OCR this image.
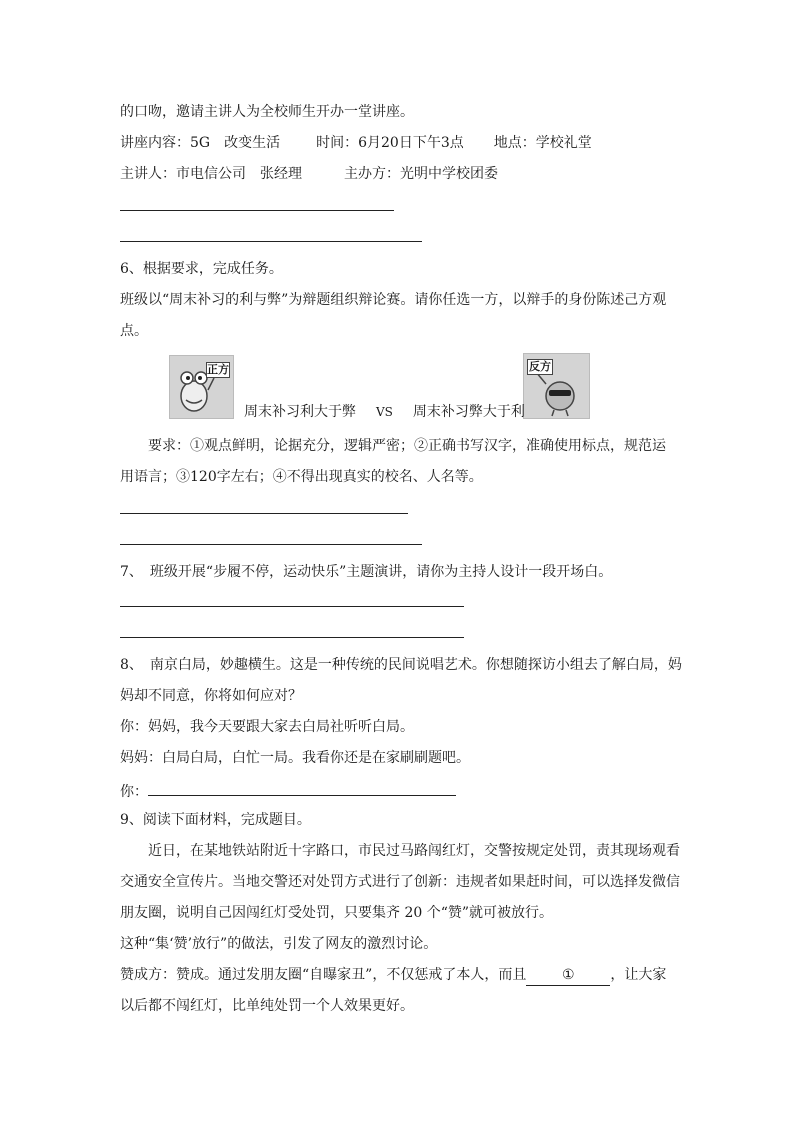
的口吻，邀请主讲人为全校师生开办一堂讲座。
讲座内容：5G　改变生活	时间：6月20日下午3点 地点：学校礼堂
主讲人：市电信公司　张经理	主办方：光明中学校团委
6、根据要求，完成任务。
班级以“周末补习的利与弊”为辩题组织辩论赛。请你任选一方，以辩手的身份陈述己方观
点。
正方	反方
周末补习利大于弊 VS 周末补习弊大于利
要求：①观点鲜明，论据充分，逻辑严密；②正确书写汉字，准确使用标点，规范运
用语言；③120字左右；④不得出现真实的校名、人名等。
7、　班级开展“步履不停，运动快乐”主题演讲，请你为主持人设计一段开场白。
8、　南京白局，妙趣横生。这是一种传统的民间说唱艺术。你想随探访小组去了解白局，妈
妈却不同意，你将如何应对？
你：妈妈，我今天要跟大家去白局社听听白局。
妈妈：白局白局，白忙一局。我看你还是在家刷刷题吧。
你：
9、阅读下面材料，完成题目。
近日，在某地铁站附近十字路口，市民过马路闯红灯，交警按规定处罚，责其现场观看
交通安全宣传片。当地交警还对处罚方式进行了创新：违规者如果赶时间，可以选择发微信
朋友圈，说明自己因闯红灯受处罚，只要集齐 20 个“赞”就可被放行。
这种“集‘赞’放行”的做法，引发了网友的激烈讨论。
赞成方：赞成。通过发朋友圈“自曝家丑”，不仅惩戒了本人，而且	①	，让大家
以后都不闯红灯，比单纯处罚一个人效果更好。
